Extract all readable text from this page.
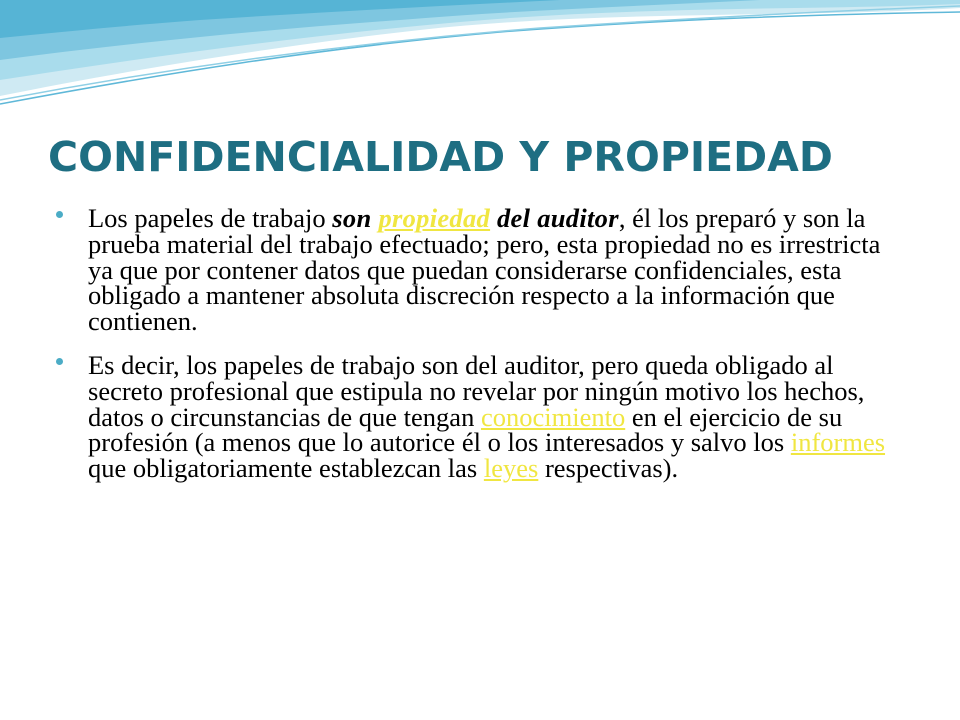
CONFIDENCIALIDAD Y PROPIEDAD
Los papeles de trabajo son propiedad del auditor, él los preparó y son la prueba material del trabajo efectuado; pero, esta propiedad no es irrestricta ya que por contener datos que puedan considerarse confidenciales, esta obligado a mantener absoluta discreción respecto a la información que contienen.
Es decir, los papeles de trabajo son del auditor, pero queda obligado al secreto profesional que estipula no revelar por ningún motivo los hechos, datos o circunstancias de que tengan conocimiento en el ejercicio de su profesión (a menos que lo autorice él o los interesados y salvo los informes que obligatoriamente establezcan las leyes respectivas).
